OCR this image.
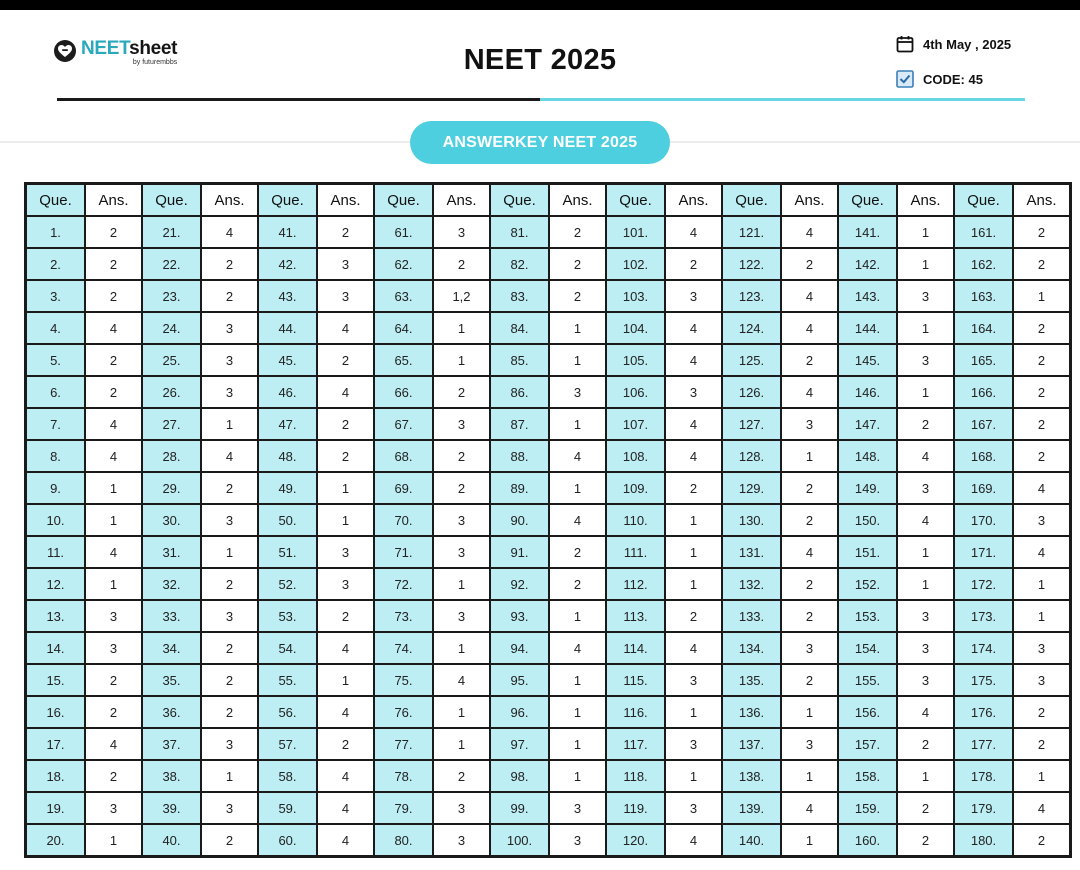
NEETsheet
by futurembbs	NEET 2025	4th May , 2025
CODE: 45
ANSWERKEY NEET 2025
Que.	Ans.	Que.	Ans.	Que.	Ans.	Que.	Ans.	Que.	Ans.	Que.	Ans.	Que.	Ans.	Que.	Ans.	Que.	Ans.
1.	2	21.	4	41.	2	61.	3	81.	2	101.	4	121.	4	141.	1	161.	2
2.	2	22.	2	42.	3	62.	2	82.	2	102.	2	122.	2	142.	1	162.	2
3.	2	23.	2	43.	3	63.	1,2	83.	2	103.	3	123.	4	143.	3	163.	1
4.	4	24.	3	44.	4	64.	1	84.	1	104.	4	124.	4	144.	1	164.	2
5.	2	25.	3	45.	2	65.	1	85.	1	105.	4	125.	2	145.	3	165.	2
6.	2	26.	3	46.	4	66.	2	86.	3	106.	3	126.	4	146.	1	166.	2
7.	4	27.	1	47.	2	67.	3	87.	1	107.	4	127.	3	147.	2	167.	2
8.	4	28.	4	48.	2	68.	2	88.	4	108.	4	128.	1	148.	4	168.	2
9.	1	29.	2	49.	1	69.	2	89.	1	109.	2	129.	2	149.	3	169.	4
10.	1	30.	3	50.	1	70.	3	90.	4	110.	1	130.	2	150.	4	170.	3
11.	4	31.	1	51.	3	71.	3	91.	2	111.	1	131.	4	151.	1	171.	4
12.	1	32.	2	52.	3	72.	1	92.	2	112.	1	132.	2	152.	1	172.	1
13.	3	33.	3	53.	2	73.	3	93.	1	113.	2	133.	2	153.	3	173.	1
14.	3	34.	2	54.	4	74.	1	94.	4	114.	4	134.	3	154.	3	174.	3
15.	2	35.	2	55.	1	75.	4	95.	1	115.	3	135.	2	155.	3	175.	3
16.	2	36.	2	56.	4	76.	1	96.	1	116.	1	136.	1	156.	4	176.	2
17.	4	37.	3	57.	2	77.	1	97.	1	117.	3	137.	3	157.	2	177.	2
18.	2	38.	1	58.	4	78.	2	98.	1	118.	1	138.	1	158.	1	178.	1
19.	3	39.	3	59.	4	79.	3	99.	3	119.	3	139.	4	159.	2	179.	4
20.	1	40.	2	60.	4	80.	3	100.	3	120.	4	140.	1	160.	2	180.	2
